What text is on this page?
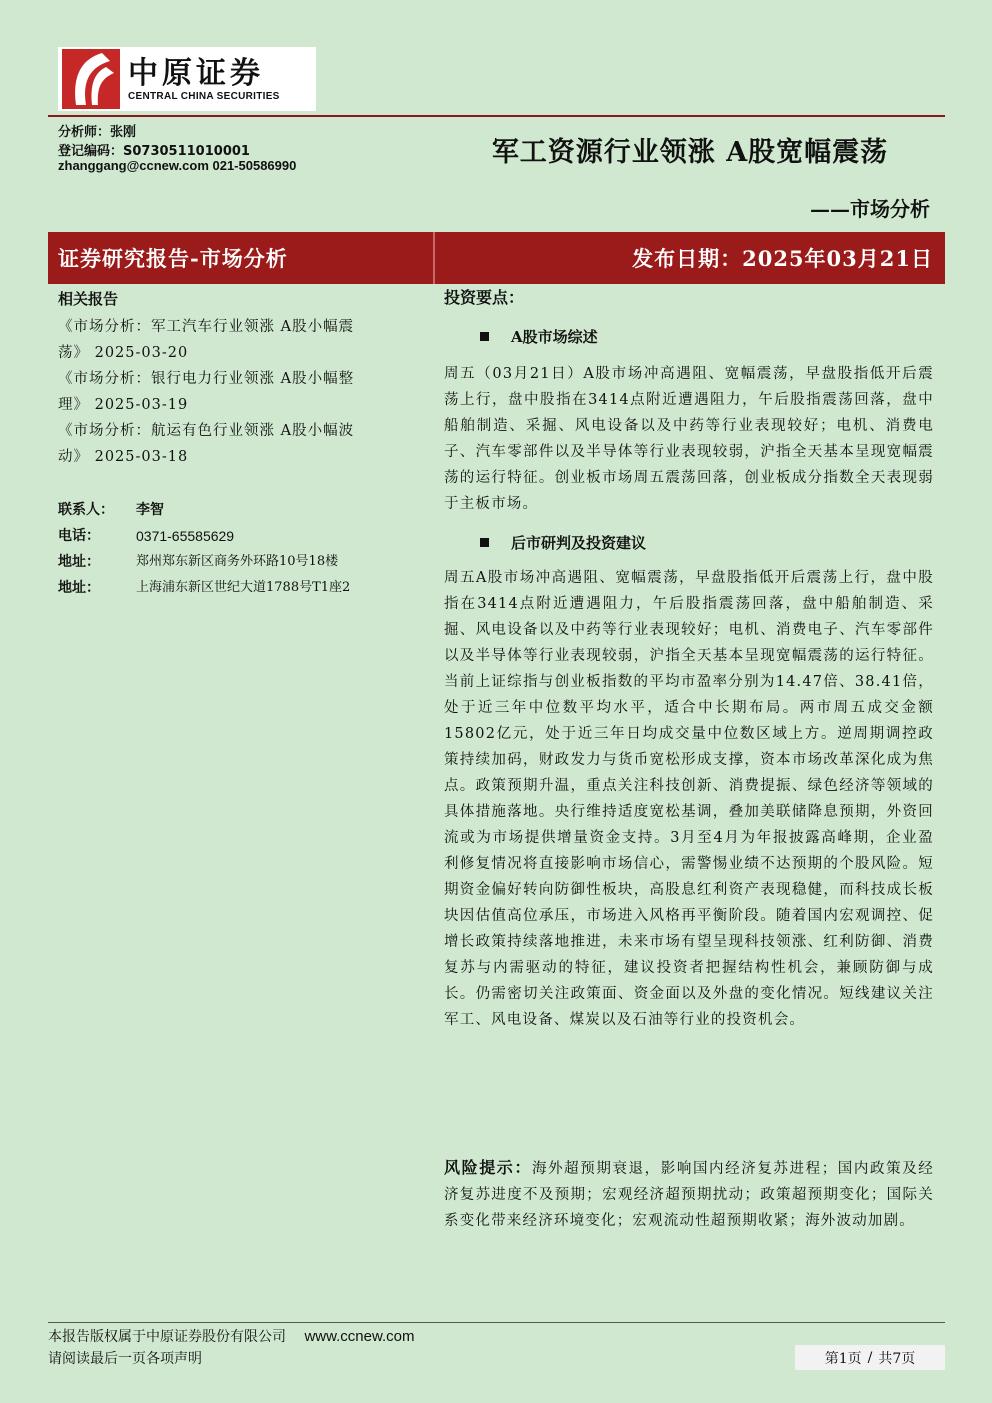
中原证券
CENTRAL CHINA SECURITIES
分析师：张刚
登记编码：S0730511010001
zhanggang@ccnew.com 021-50586990	军工资源行业领涨 A股宽幅震荡
——市场分析
证券研究报告-市场分析	发布日期：2025年03月21日
相关报告
《市场分析：军工汽车行业领涨 A股小幅震
荡》 2025-03-20
《市场分析：银行电力行业领涨 A股小幅整
理》 2025-03-19
《市场分析：航运有色行业领涨 A股小幅波
动》 2025-03-18
联系人：	李智
电话：	0371-65585629
地址：	郑州郑东新区商务外环路10号18楼
地址：	上海浦东新区世纪大道1788号T1座2
投资要点：
A股市场综述
周五（03月21日）A股市场冲高遇阻、宽幅震荡，早盘股指低开后震荡上行，盘中股指在3414点附近遭遇阻力，午后股指震荡回落，盘中船舶制造、采掘、风电设备以及中药等行业表现较好；电机、消费电子、汽车零部件以及半导体等行业表现较弱，沪指全天基本呈现宽幅震荡的运行特征。创业板市场周五震荡回落，创业板成分指数全天表现弱于主板市场。
后市研判及投资建议
周五A股市场冲高遇阻、宽幅震荡，早盘股指低开后震荡上行，盘中股指在3414点附近遭遇阻力，午后股指震荡回落，盘中船舶制造、采掘、风电设备以及中药等行业表现较好；电机、消费电子、汽车零部件以及半导体等行业表现较弱，沪指全天基本呈现宽幅震荡的运行特征。当前上证综指与创业板指数的平均市盈率分别为14.47倍、38.41倍，处于近三年中位数平均水平，适合中长期布局。两市周五成交金额15802亿元，处于近三年日均成交量中位数区域上方。逆周期调控政策持续加码，财政发力与货币宽松形成支撑，资本市场改革深化成为焦点。政策预期升温，重点关注科技创新、消费提振、绿色经济等领域的具体措施落地。央行维持适度宽松基调，叠加美联储降息预期，外资回流或为市场提供增量资金支持。3月至4月为年报披露高峰期，企业盈利修复情况将直接影响市场信心，需警惕业绩不达预期的个股风险。短期资金偏好转向防御性板块，高股息红利资产表现稳健，而科技成长板块因估值高位承压，市场进入风格再平衡阶段。随着国内宏观调控、促增长政策持续落地推进，未来市场有望呈现科技领涨、红利防御、消费复苏与内需驱动的特征，建议投资者把握结构性机会，兼顾防御与成长。仍需密切关注政策面、资金面以及外盘的变化情况。短线建议关注军工、风电设备、煤炭以及石油等行业的投资机会。
风险提示：海外超预期衰退，影响国内经济复苏进程；国内政策及经济复苏进度不及预期；宏观经济超预期扰动；政策超预期变化；国际关系变化带来经济环境变化；宏观流动性超预期收紧；海外波动加剧。
本报告版权属于中原证券股份有限公司 www.ccnew.com
请阅读最后一页各项声明	第1页 / 共7页
